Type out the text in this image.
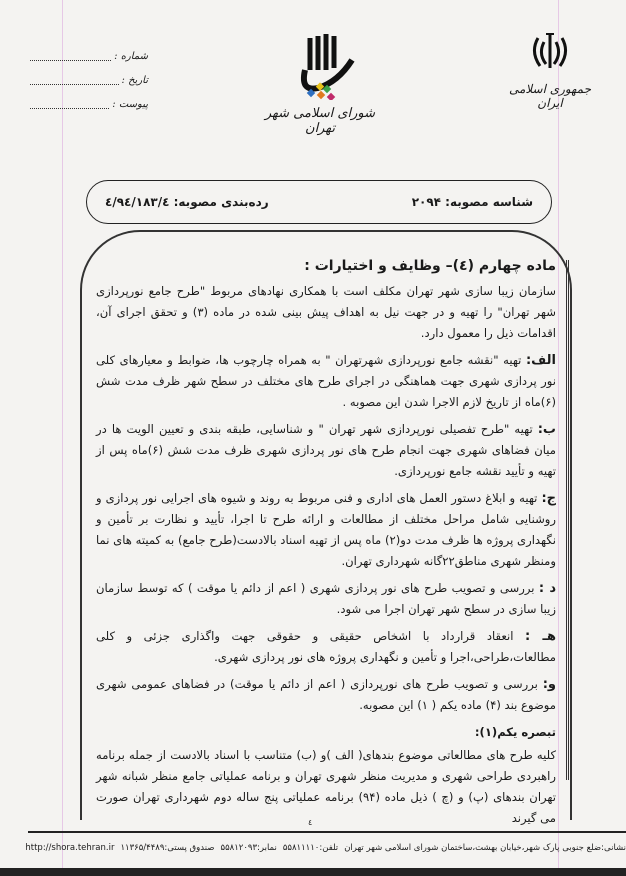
شماره :
تاریخ :
پیوست :
شورای اسلامی شهر تهران
جمهوری اسلامی ایران
شناسه مصوبه: ۲۰۹۴
رده‌بندی مصوبه: ٤/٩٤/١٨٣/٤
ماده چهارم (٤)– وظایف و اختیارات :

سازمان زیبا سازی شهر تهران مکلف است با همکاری نهادهای مربوط "طرح جامع نورپردازی شهر تهران" را تهیه و در جهت نیل به اهداف پیش بینی شده در ماده (۳) و تحقق اجرای آن، اقدامات ذیل را معمول دارد.

الف: تهیه "نقشه جامع نورپردازی شهرتهران " به همراه چارچوب ها، ضوابط و معیارهای کلی نور پردازی شهری جهت هماهنگی در اجرای طرح های مختلف در سطح شهر ظرف مدت شش (۶)ماه از تاریخ لازم الاجرا شدن این مصوبه .

ب: تهیه "طرح تفصیلی نورپردازی شهر تهران " و شناسایی، طبقه بندی و تعیین الویت ها در میان فضاهای شهری جهت انجام طرح های نور پردازی شهری ظرف مدت شش (۶)ماه پس از تهیه و تأیید نقشه جامع نورپردازی.

ج: تهیه و ابلاغ دستور العمل های اداری و فنی مربوط به روند و شیوه های اجرایی نور پردازی و روشنایی شامل مراحل مختلف از مطالعات و ارائه طرح تا اجرا، تأیید و نظارت بر تأمین و نگهداری پروژه ها ظرف مدت دو(۲) ماه پس از تهیه اسناد بالادست(طرح جامع) به کمیته های نما ومنظر شهری مناطق۲۲گانه شهرداری تهران.

د : بررسی و تصویب طرح های نور پردازی شهری ( اعم از دائم یا موقت ) که توسط سازمان زیبا سازی در سطح شهر تهران اجرا می شود.

هـ : انعقاد قرارداد با اشخاص حقیقی و حقوقی جهت واگذاری جزئی و کلی مطالعات،طراحی،اجرا و تأمین و نگهداری پروژه های نور پردازی شهری.

و: بررسی و تصویب طرح های نورپردازی ( اعم از دائم یا موقت) در فضاهای عمومی شهری موضوع بند (۴) ماده یکم ( ۱) این مصوبه.

تبصره یکم(۱):

کلیه طرح های مطالعاتی موضوع بندهای( الف )و (ب) متناسب با اسناد بالادست از جمله برنامه راهبردی طراحی شهری و مدیریت منظر شهری تهران و برنامه عملیاتی جامع منظر شبانه شهر تهران بندهای (پ) و (چ ) ذیل ماده (۹۴) برنامه عملیاتی پنج ساله دوم شهرداری تهران صورت می گیرند

٤
نشانی:ضلع جنوبی پارک شهر،خیابان بهشت،ساختمان شورای اسلامی شهر تهران
تلفن:۵۵۸۱۱۱۱۰
نمابر:۵۵۸۱۲۰۹۳
صندوق پستی:۱۱۳۶۵/۴۴۸۹
http://shora.tehran.ir
